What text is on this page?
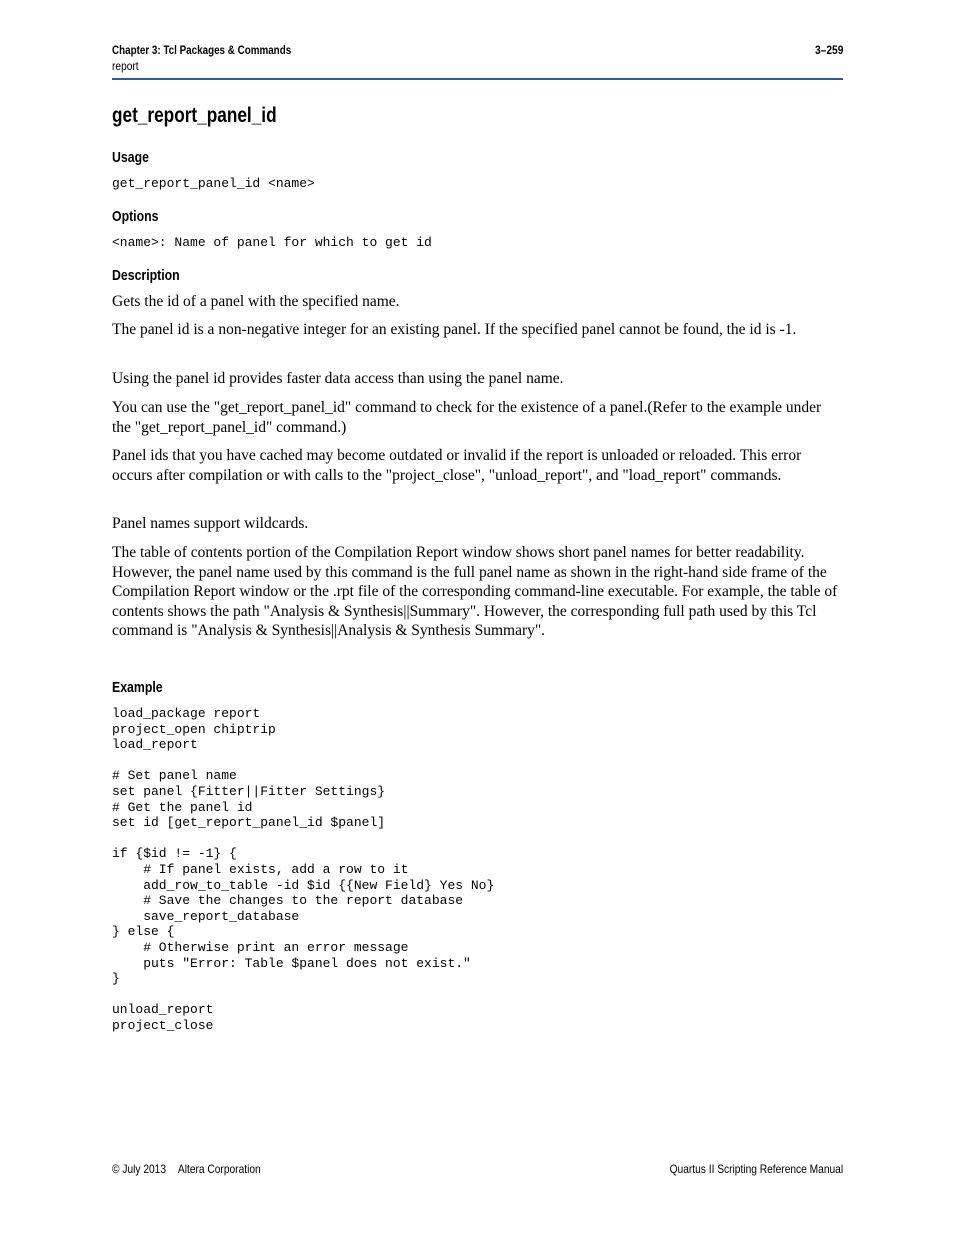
Chapter 3: Tcl Packages & Commands
report
3–259
get_report_panel_id
Usage
get_report_panel_id <name>
Options
<name>: Name of panel for which to get id
Description

Gets the id of a panel with the specified name.

The panel id is a non-negative integer for an existing panel. If the specified panel cannot be found, the id is -1.

Using the panel id provides faster data access than using the panel name.

You can use the "get_report_panel_id" command to check for the existence of a panel.(Refer to the example under the "get_report_panel_id" command.)

Panel ids that you have cached may become outdated or invalid if the report is unloaded or reloaded. This error occurs after compilation or with calls to the "project_close", "unload_report", and "load_report" commands.

Panel names support wildcards.

The table of contents portion of the Compilation Report window shows short panel names for better readability. However, the panel name used by this command is the full panel name as shown in the right-hand side frame of the Compilation Report window or the .rpt file of the corresponding command-line executable. For example, the table of contents shows the path "Analysis & Synthesis||Summary". However, the corresponding full path used by this Tcl command is "Analysis & Synthesis||Analysis & Synthesis Summary".

Example
load_package report
project_open chiptrip
load_report

# Set panel name
set panel {Fitter||Fitter Settings}
# Get the panel id
set id [get_report_panel_id $panel]

if {$id != -1} {
# If panel exists, add a row to it
add_row_to_table -id $id {{New Field} Yes No}
# Save the changes to the report database
save_report_database
} else {
# Otherwise print an error message
puts "Error: Table $panel does not exist."
}

unload_report
project_close
© July 2013 Altera Corporation	Quartus II Scripting Reference Manual
